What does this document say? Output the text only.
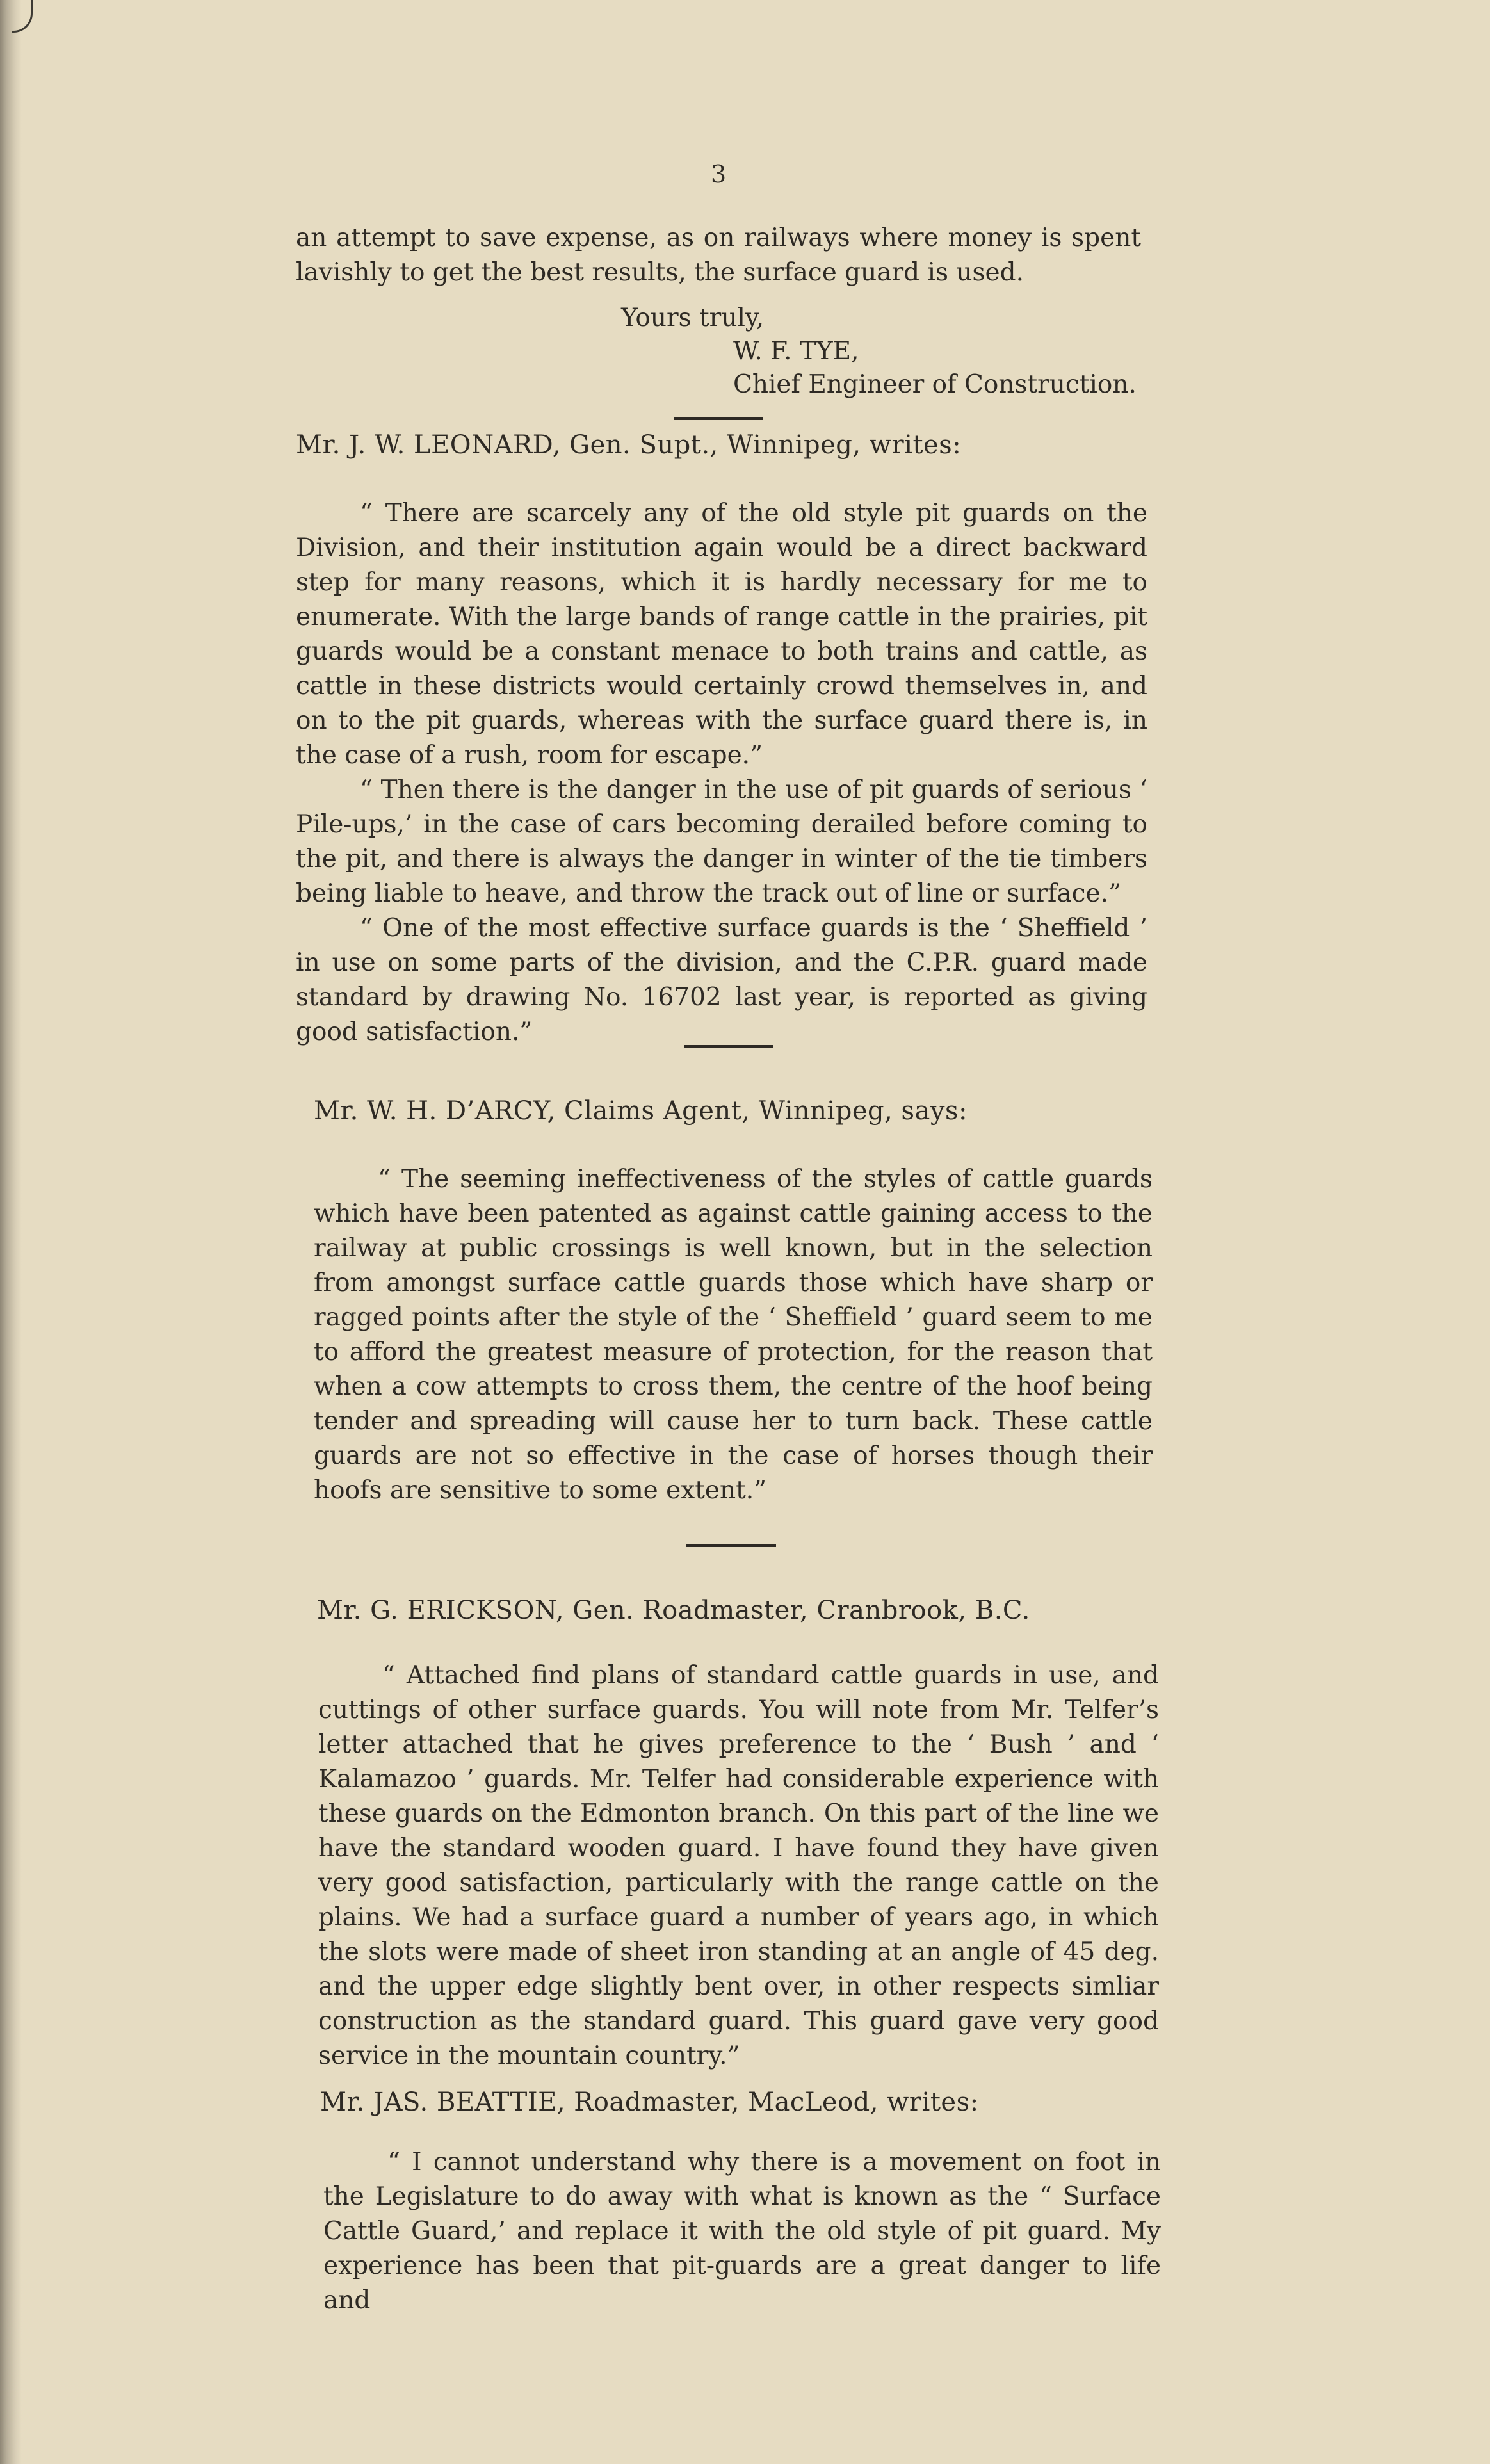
3
an attempt to save expense, as on railways where money is spent lavishly to get the best results, the surface guard is used.
Yours truly,
W. F. TYE,
Chief Engineer of Construction.
Mr. J. W. LEONARD, Gen. Supt., Winnipeg, writes:

“ There are scarcely any of the old style pit guards on the Division, and their institution again would be a direct backward step for many reasons, which it is hardly necessary for me to enumerate. With the large bands of range cattle in the prairies, pit guards would be a constant menace to both trains and cattle, as cattle in these districts would certainly crowd themselves in, and on to the pit guards, whereas with the surface guard there is, in the case of a rush, room for escape.”

“ Then there is the danger in the use of pit guards of serious ‘ Pile-ups,’ in the case of cars becoming derailed before coming to the pit, and there is always the danger in winter of the tie timbers being liable to heave, and throw the track out of line or surface.”

“ One of the most effective surface guards is the ‘ Sheffield ’ in use on some parts of the division, and the C.P.R. guard made standard by drawing No. 16702 last year, is reported as giving good satisfaction.”

Mr. W. H. D’ARCY, Claims Agent, Winnipeg, says:

“ The seeming ineffectiveness of the styles of cattle guards which have been patented as against cattle gaining access to the railway at public crossings is well known, but in the selection from amongst surface cattle guards those which have sharp or ragged points after the style of the ‘ Sheffield ’ guard seem to me to afford the greatest measure of protection, for the reason that when a cow attempts to cross them, the centre of the hoof being tender and spreading will cause her to turn back. These cattle guards are not so effective in the case of horses though their hoofs are sensitive to some extent.”

Mr. G. ERICKSON, Gen. Roadmaster, Cranbrook, B.C.

“ Attached find plans of standard cattle guards in use, and cuttings of other surface guards. You will note from Mr. Telfer’s letter attached that he gives preference to the ‘ Bush ’ and ‘ Kalamazoo ’ guards. Mr. Telfer had considerable experience with these guards on the Edmonton branch. On this part of the line we have the standard wooden guard. I have found they have given very good satisfaction, particularly with the range cattle on the plains. We had a surface guard a number of years ago, in which the slots were made of sheet iron standing at an angle of 45 deg. and the upper edge slightly bent over, in other respects simliar construction as the standard guard. This guard gave very good service in the mountain country.”

Mr. JAS. BEATTIE, Roadmaster, MacLeod, writes:

“ I cannot understand why there is a movement on foot in the Legislature to do away with what is known as the “ Surface Cattle Guard,’ and replace it with the old style of pit guard. My experience has been that pit-guards are a great danger to life and
